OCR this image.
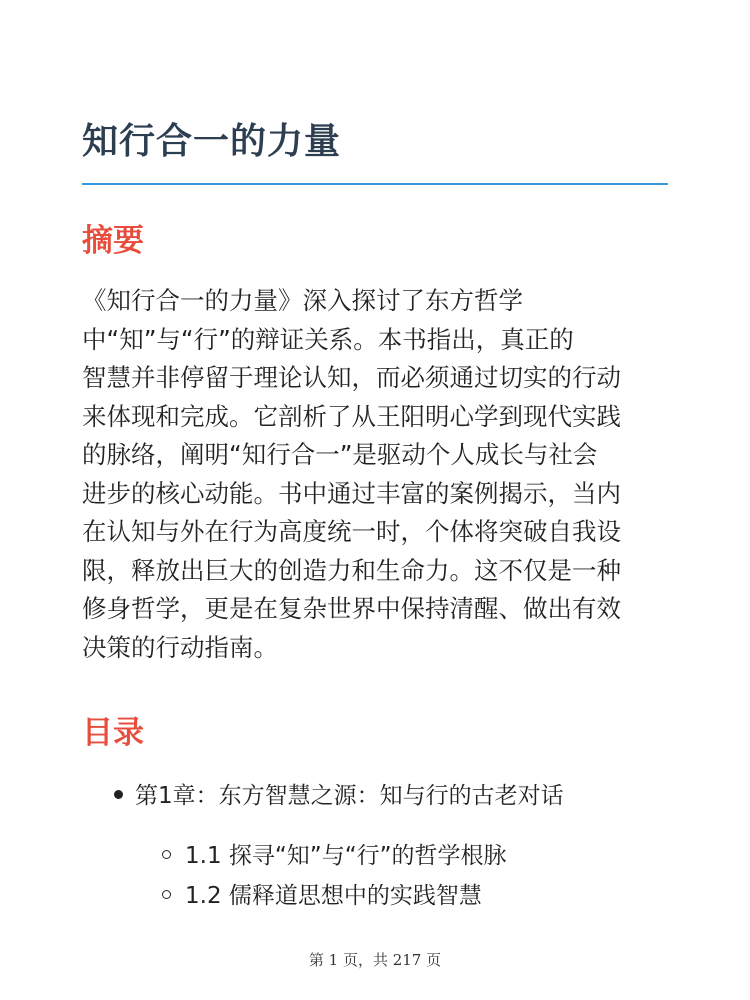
知行合一的力量
摘要

《知行合一的力量》深入探讨了东方哲学
中“知”与“行”的辩证关系。本书指出，真正的
智慧并非停留于理论认知，而必须通过切实的行动
来体现和完成。它剖析了从王阳明心学到现代实践
的脉络，阐明“知行合一”是驱动个人成长与社会
进步的核心动能。书中通过丰富的案例揭示，当内
在认知与外在行为高度统一时，个体将突破自我设
限，释放出巨大的创造力和生命力。这不仅是一种
修身哲学，更是在复杂世界中保持清醒、做出有效
决策的行动指南。

目录
第1章：东方智慧之源：知与行的古老对话
1.1 探寻“知”与“行”的哲学根脉
1.2 儒释道思想中的实践智慧
第 1 页，共 217 页
